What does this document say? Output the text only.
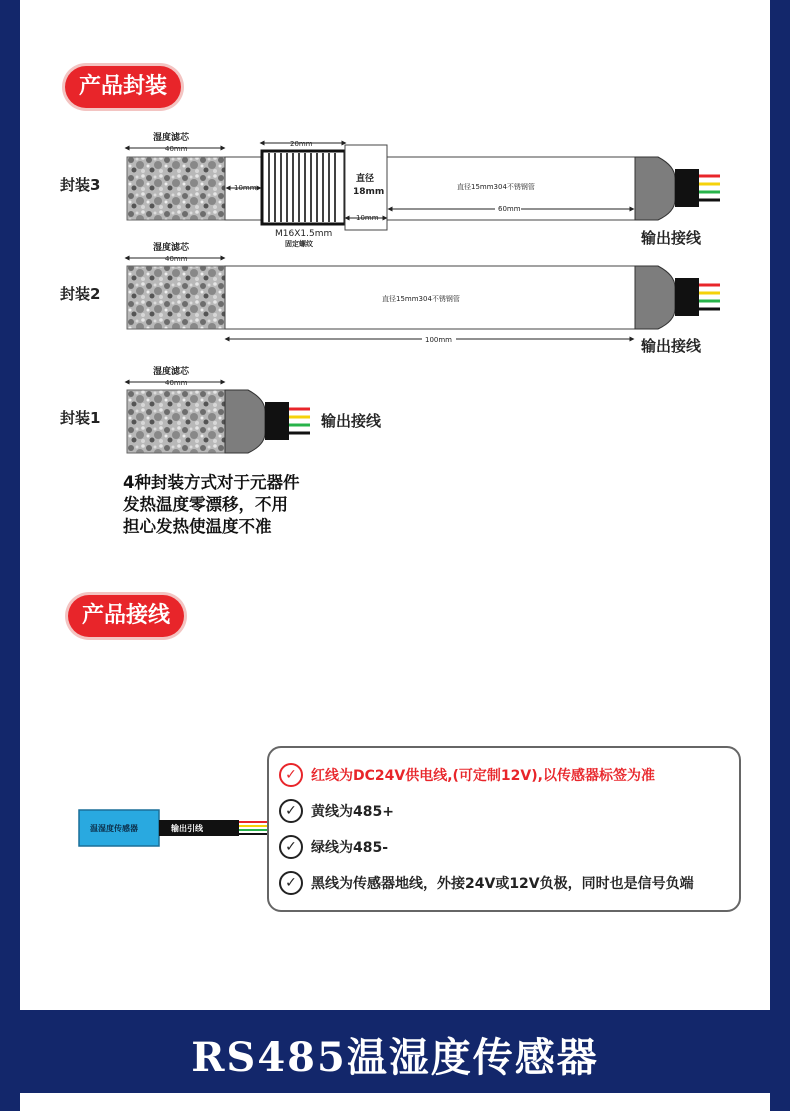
产品封装
封装3
湿度滤芯
40mm
10mm
20mm
M16X1.5mm
固定螺纹
直径
18mm
10mm
直径15mm304不锈钢管
60mm
输出接线
封装2
湿度滤芯
40mm
直径15mm304不锈钢管
100mm	输出接线
封装1
湿度滤芯
40mm
输出接线
4种封装方式对于元器件
发热温度零漂移，不用
担心发热使温度不准
产品接线
温湿度传感器	输出引线
✓	红线为DC24V供电线,(可定制12V),以传感器标签为准
✓	黄线为485+
✓	绿线为485-
✓	黑线为传感器地线，外接24V或12V负极，同时也是信号负端
RS485温湿度传感器
